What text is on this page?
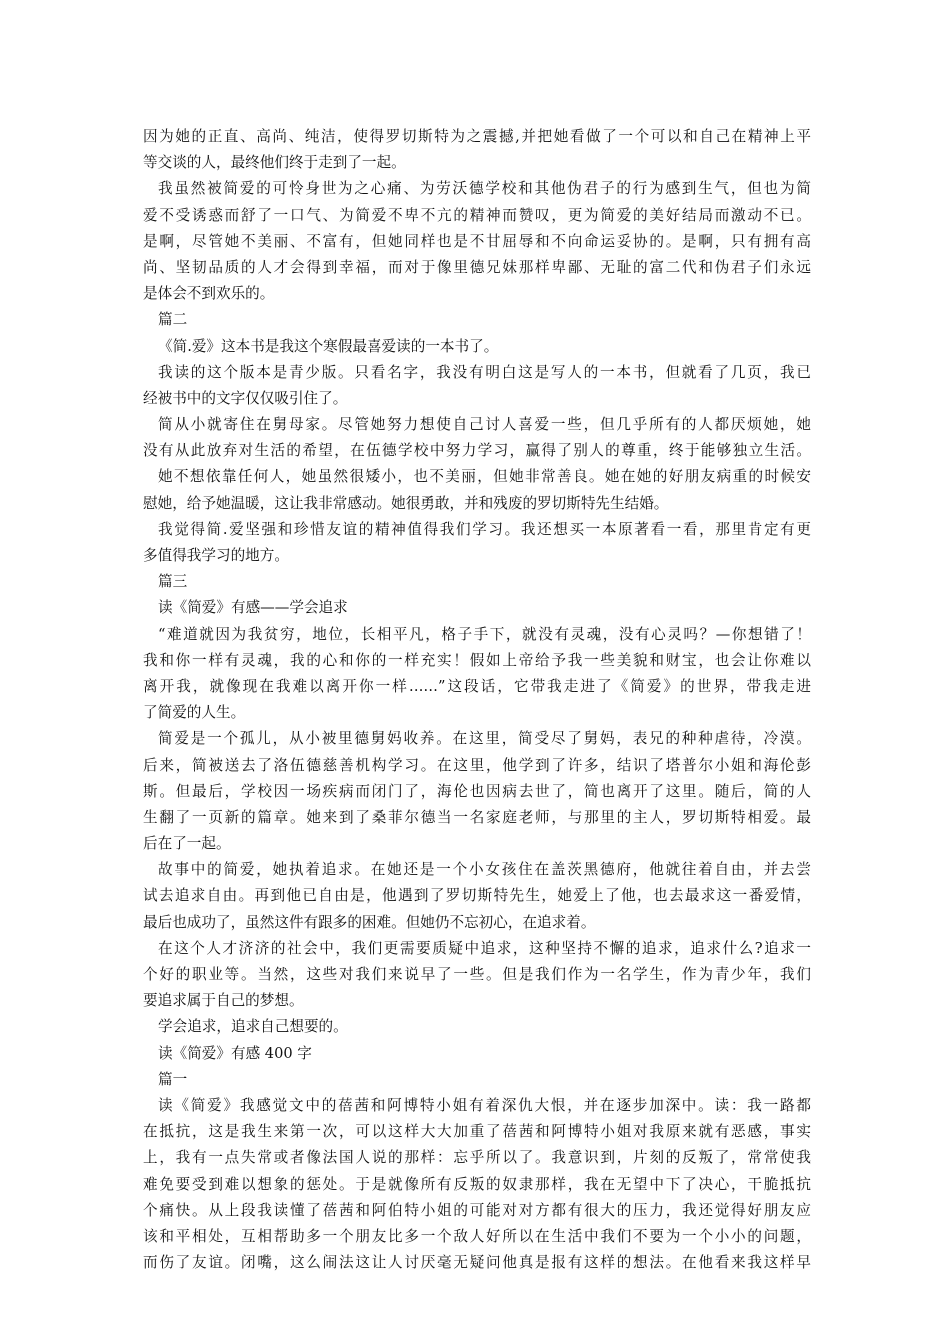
因为她的正直、高尚、纯洁，使得罗切斯特为之震撼,并把她看做了一个可以和自己在精神上平
等交谈的人，最终他们终于走到了一起。
我虽然被简爱的可怜身世为之心痛、为劳沃德学校和其他伪君子的行为感到生气，但也为简
爱不受诱惑而舒了一口气、为简爱不卑不亢的精神而赞叹，更为简爱的美好结局而激动不已。
是啊，尽管她不美丽、不富有，但她同样也是不甘屈辱和不向命运妥协的。是啊，只有拥有高
尚、坚韧品质的人才会得到幸福，而对于像里德兄妹那样卑鄙、无耻的富二代和伪君子们永远
是体会不到欢乐的。
篇二
《简.爱》这本书是我这个寒假最喜爱读的一本书了。
我读的这个版本是青少版。只看名字，我没有明白这是写人的一本书，但就看了几页，我已
经被书中的文字仅仅吸引住了。
简从小就寄住在舅母家。尽管她努力想使自己讨人喜爱一些，但几乎所有的人都厌烦她，她
没有从此放弃对生活的希望，在伍德学校中努力学习，赢得了别人的尊重，终于能够独立生活。
她不想依靠任何人，她虽然很矮小，也不美丽，但她非常善良。她在她的好朋友病重的时候安
慰她，给予她温暖，这让我非常感动。她很勇敢，并和残废的罗切斯特先生结婚。
我觉得简.爱坚强和珍惜友谊的精神值得我们学习。我还想买一本原著看一看，那里肯定有更
多值得我学习的地方。
篇三
读《简爱》有感——学会追求
“难道就因为我贫穷，地位，长相平凡，格子手下，就没有灵魂，没有心灵吗？—你想错了！
我和你一样有灵魂，我的心和你的一样充实！假如上帝给予我一些美貌和财宝，也会让你难以
离开我，就像现在我难以离开你一样……”这段话，它带我走进了《简爱》的世界，带我走进
了简爱的人生。
简爱是一个孤儿，从小被里德舅妈收养。在这里，简受尽了舅妈，表兄的种种虐待，冷漠。
后来，简被送去了洛伍德慈善机构学习。在这里，他学到了许多，结识了塔普尔小姐和海伦彭
斯。但最后，学校因一场疾病而闭门了，海伦也因病去世了，简也离开了这里。随后，简的人
生翻了一页新的篇章。她来到了桑菲尔德当一名家庭老师，与那里的主人，罗切斯特相爱。最
后在了一起。
故事中的简爱，她执着追求。在她还是一个小女孩住在盖茨黑德府，他就往着自由，并去尝
试去追求自由。再到他已自由是，他遇到了罗切斯特先生，她爱上了他，也去最求这一番爱情，
最后也成功了，虽然这件有跟多的困难。但她仍不忘初心，在追求着。
在这个人才济济的社会中，我们更需要质疑中追求，这种坚持不懈的追求，追求什么?追求一
个好的职业等。当然，这些对我们来说早了一些。但是我们作为一名学生，作为青少年，我们
要追求属于自己的梦想。
学会追求，追求自己想要的。
读《简爱》有感 400 字
篇一
读《简爱》我感觉文中的蓓茜和阿博特小姐有着深仇大恨，并在逐步加深中。读：我一路都
在抵抗，这是我生来第一次，可以这样大大加重了蓓茜和阿博特小姐对我原来就有恶感，事实
上，我有一点失常或者像法国人说的那样：忘乎所以了。我意识到，片刻的反叛了，常常使我
难免要受到难以想象的惩处。于是就像所有反叛的奴隶那样，我在无望中下了决心，干脆抵抗
个痛快。从上段我读懂了蓓茜和阿伯特小姐的可能对对方都有很大的压力，我还觉得好朋友应
该和平相处，互相帮助多一个朋友比多一个敌人好所以在生活中我们不要为一个小小的问题，
而伤了友谊。闭嘴，这么闹法这让人讨厌毫无疑问他真是报有这样的想法。在他看来我这样早
